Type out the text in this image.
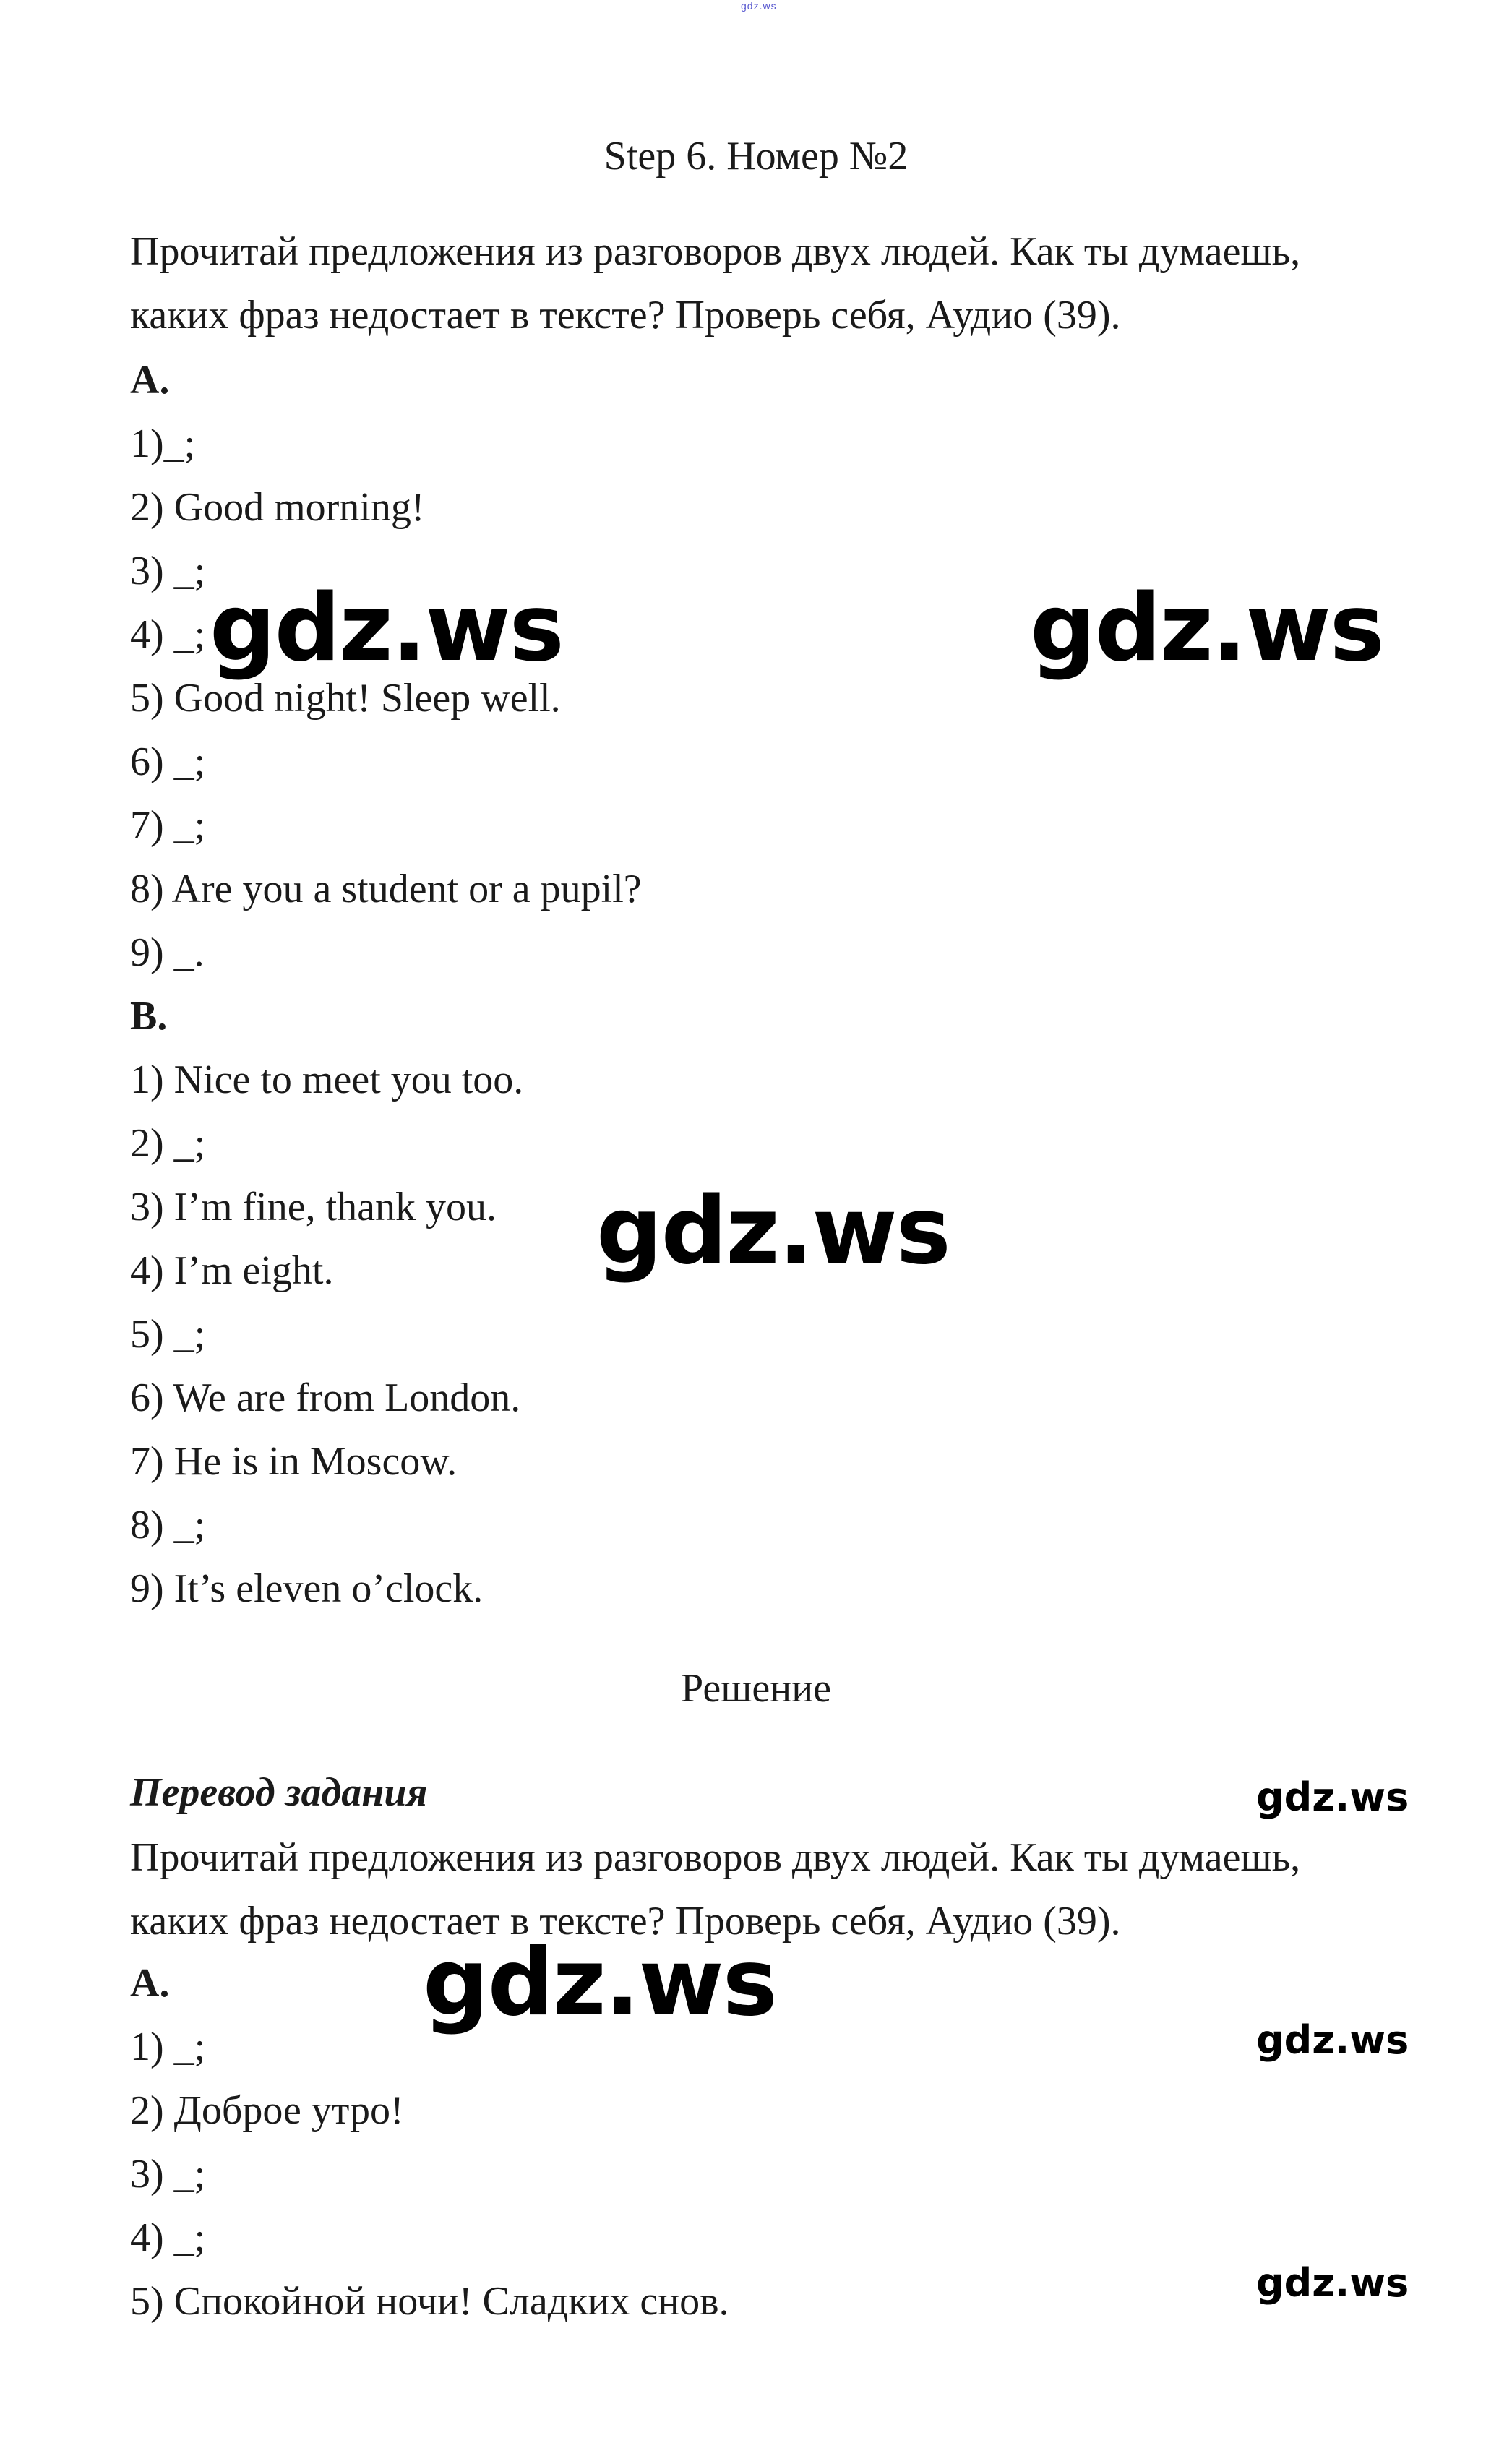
gdz.ws
Step 6. Номер №2
Прочитай предложения из разговоров двух людей. Как ты думаешь,
каких фраз недостает в тексте? Проверь себя, Аудио (39).
A.
1)_;
2) Good morning!
3) _;
4) _;
5) Good night! Sleep well.
6) _;
7) _;
8) Are you a student or a pupil?
9) _.
B.
1) Nice to meet you too.
2) _;
3) I’m fine, thank you.
4) I’m eight.
5) _;
6) We are from London.
7) He is in Moscow.
8) _;
9) It’s eleven o’clock.
Решение
Перевод задания
Прочитай предложения из разговоров двух людей. Как ты думаешь,
каких фраз недостает в тексте? Проверь себя, Аудио (39).
A.
1) _;
2) Доброе утро!
3) _;
4) _;
5) Спокойной ночи! Сладких снов.
gdz.ws	gdz.ws
gdz.ws
gdz.ws
gdz.ws
gdz.ws
gdz.ws
